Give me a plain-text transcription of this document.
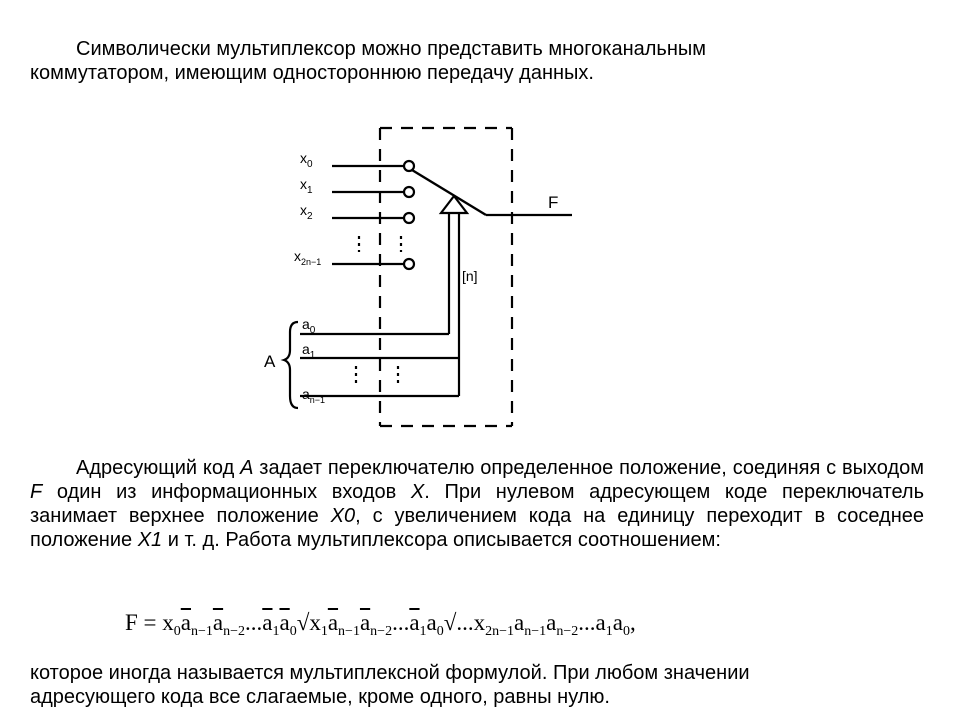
Символически мультиплексор можно представить многоканальным
коммутатором, имеющим одностороннюю передачу данных.

$x_0$
$x_1$
$x_2$
$x_{2n-1}$
[n]
$a_0$
$a_1$
$a_{n-1}$
F
A

Адресующий код А задает переключателю определенное положение, соединяя с выходом F один из информационных входов X. При нулевом адресующем коде переключатель занимает верхнее положение X0, с увеличением кода на единицу переходит в соседнее положение X1 и т. д. Работа мультиплексора описывается соотношением:

$F = x_0\overline{a}_{n-1}\overline{a}_{n-2}...\overline{a}_1\overline{a}_0√x_1\overline{a}_{n-1}\overline{a}_{n-2}...\overline{a}_1a_0√...x_{2n-1}a_{n-1}a_{n-2}...a_1a_0$,

которое иногда называется мультиплексной формулой. При любом значении
адресующего кода все слагаемые, кроме одного, равны нулю.
